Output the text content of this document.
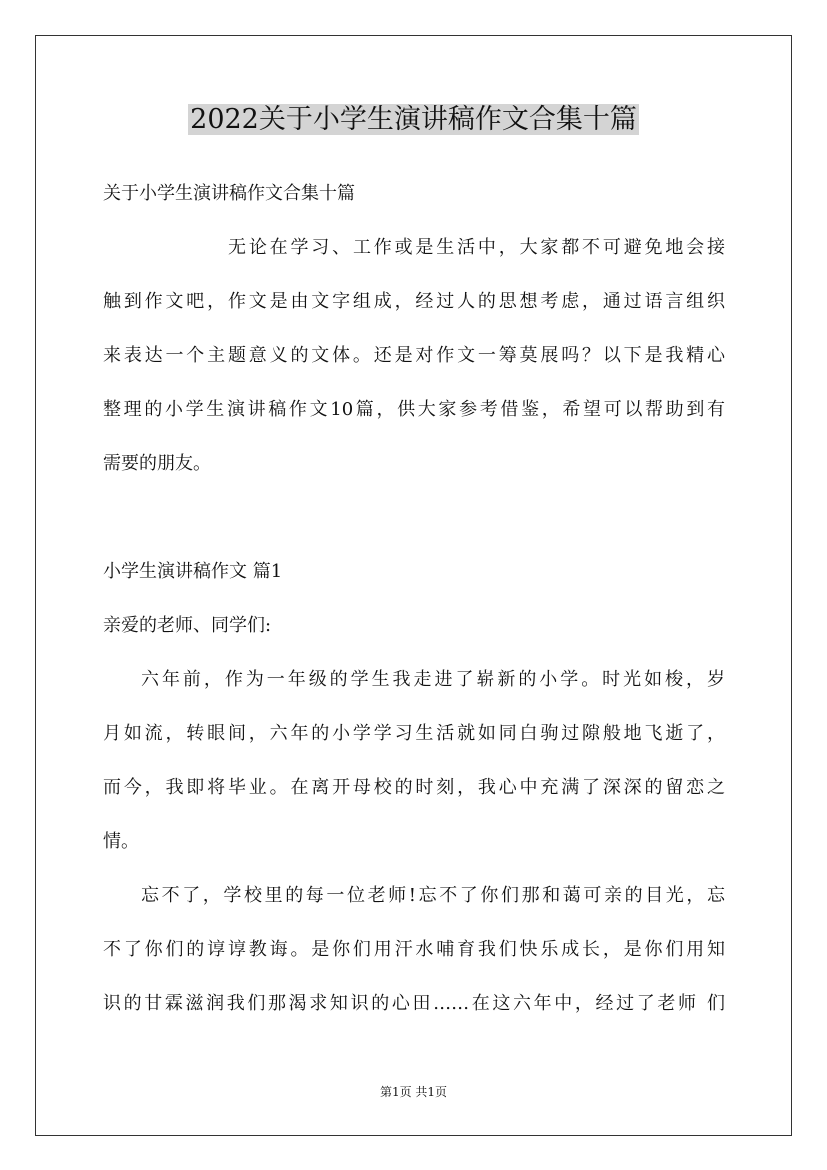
2022关于小学生演讲稿作文合集十篇
关于小学生演讲稿作文合集十篇
无论在学习、工作或是生活中，大家都不可避免地会接
触到作文吧，作文是由文字组成，经过人的思想考虑，通过语言组织
来表达一个主题意义的文体。还是对作文一筹莫展吗？以下是我精心
整理的小学生演讲稿作文10篇，供大家参考借鉴，希望可以帮助到有
需要的朋友。
小学生演讲稿作文 篇1
亲爱的老师、同学们:
六年前，作为一年级的学生我走进了崭新的小学。时光如梭，岁
月如流，转眼间，六年的小学学习生活就如同白驹过隙般地飞逝了，
而今，我即将毕业。在离开母校的时刻，我心中充满了深深的留恋之
情。
忘不了，学校里的每一位老师!忘不了你们那和蔼可亲的目光，忘
不了你们的谆谆教诲。是你们用汗水哺育我们快乐成长，是你们用知
识的甘霖滋润我们那渴求知识的心田……在这六年中，经过了老师 们
第1页 共1页
